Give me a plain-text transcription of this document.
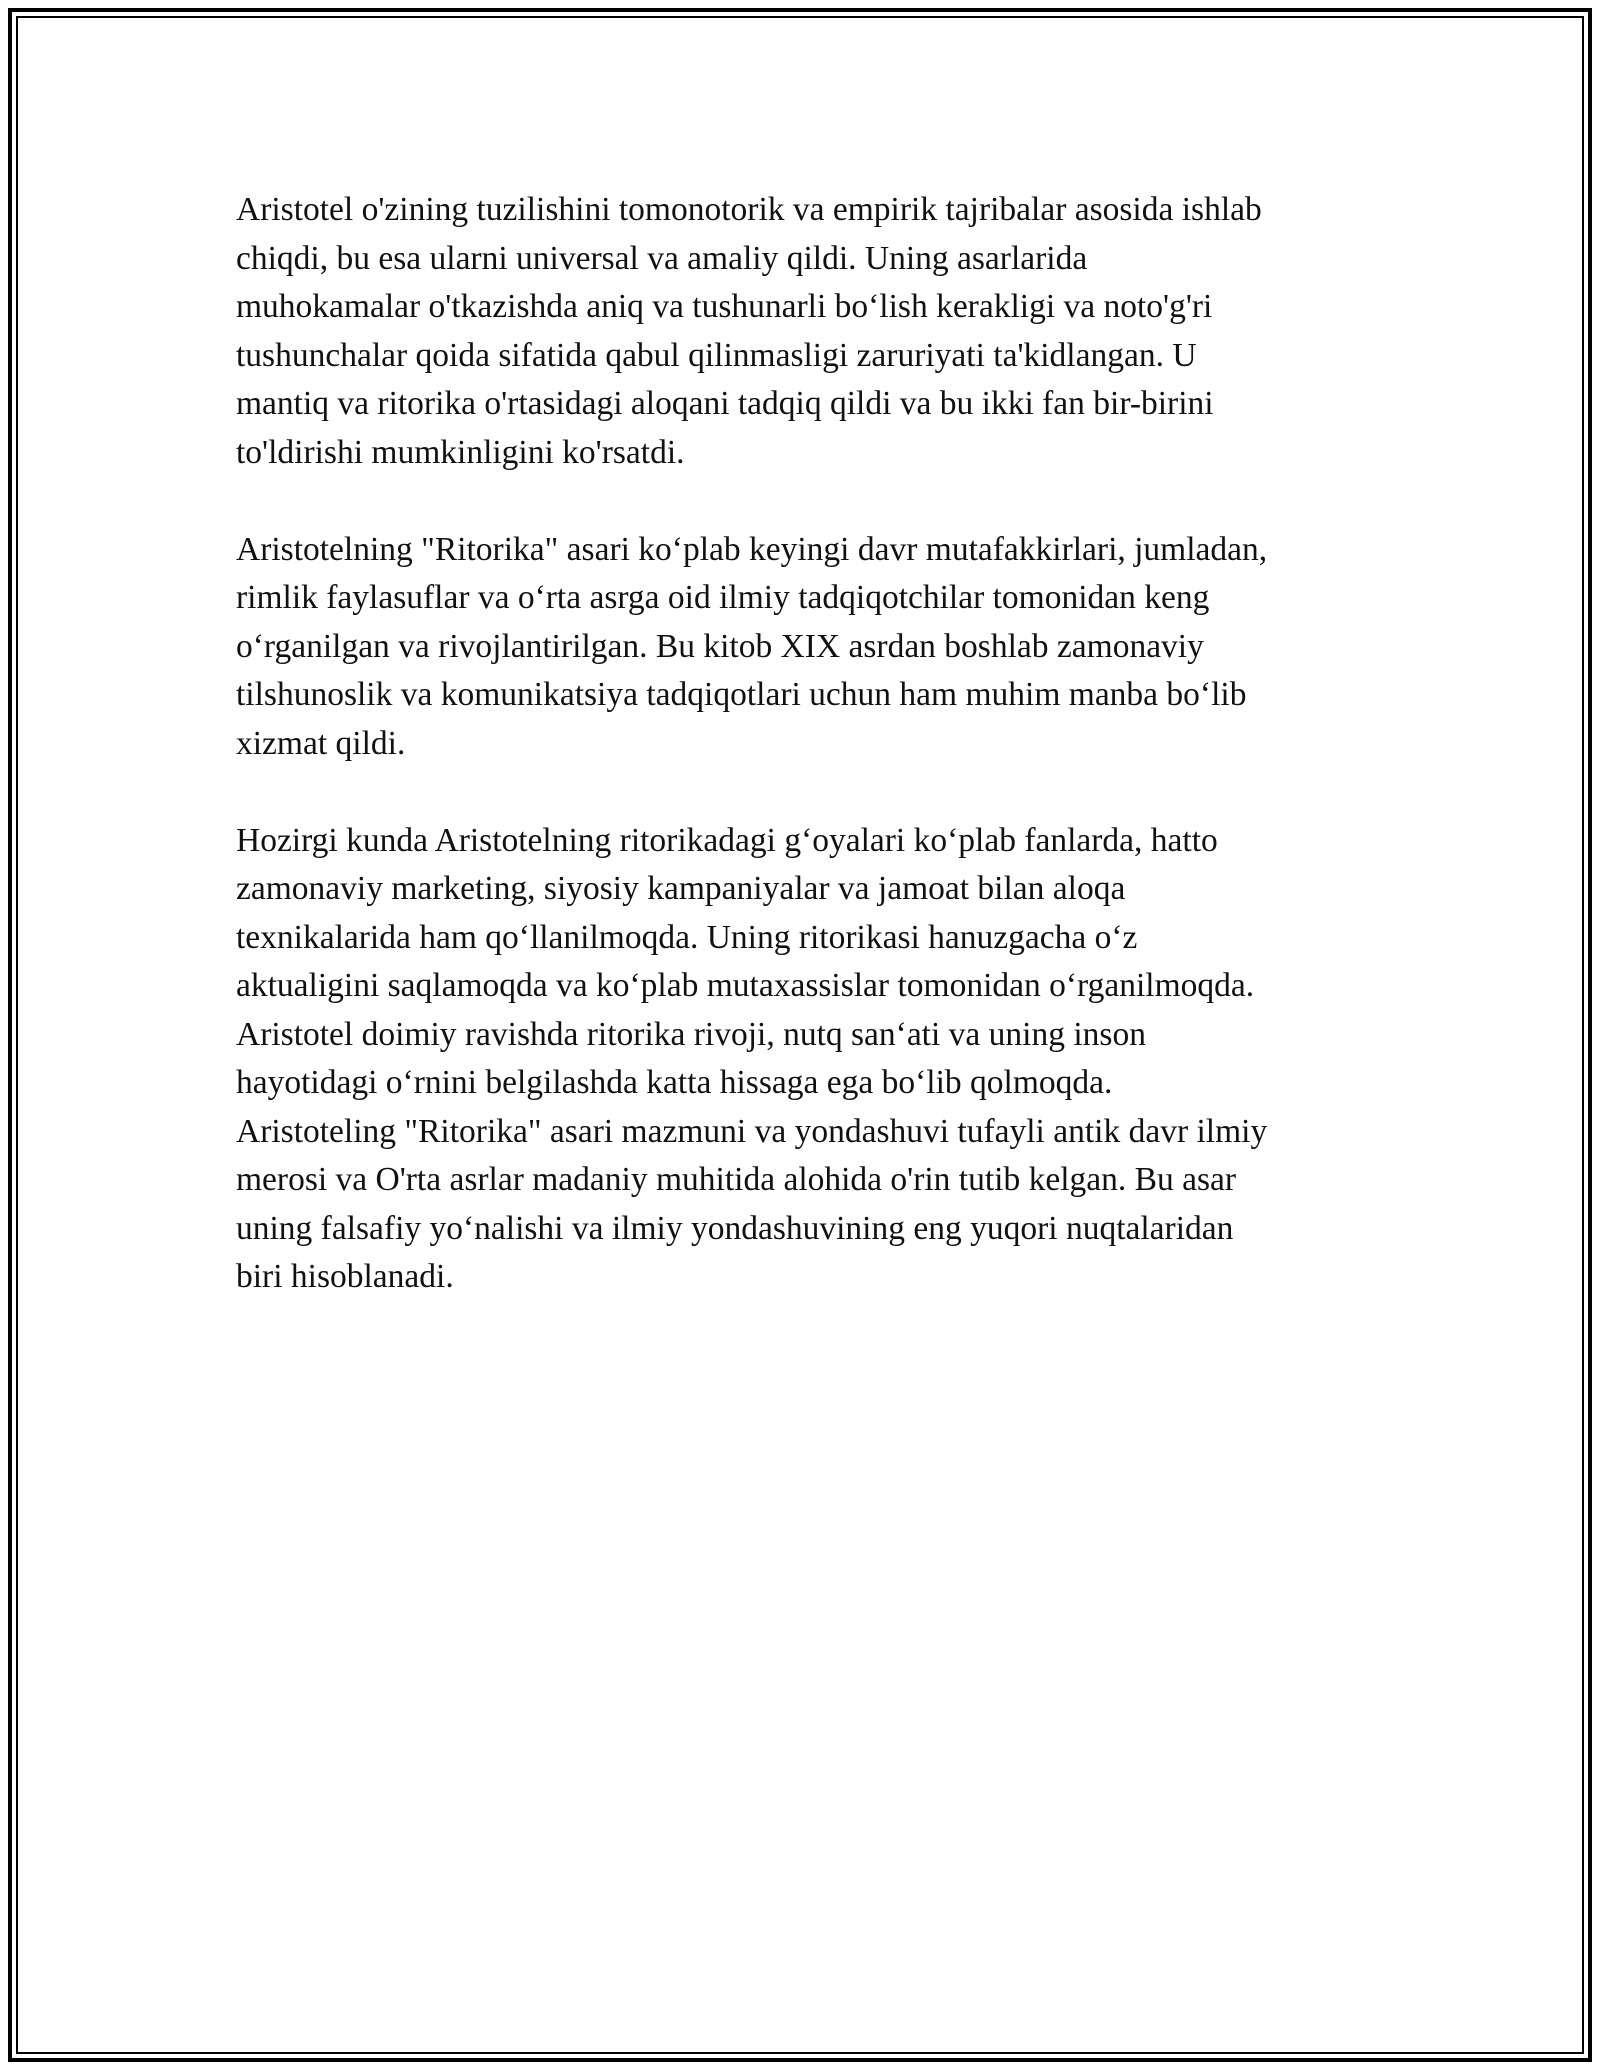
Aristotel o'zining tuzilishini tomonotorik va empirik tajribalar asosida ishlab
chiqdi, bu esa ularni universal va amaliy qildi. Uning asarlarida
muhokamalar o'tkazishda aniq va tushunarli bo‘lish kerakligi va noto'g'ri
tushunchalar qoida sifatida qabul qilinmasligi zaruriyati ta'kidlangan. U
mantiq va ritorika o'rtasidagi aloqani tadqiq qildi va bu ikki fan bir-birini
to'ldirishi mumkinligini ko'rsatdi.

Aristotelning "Ritorika" asari ko‘plab keyingi davr mutafakkirlari, jumladan,
rimlik faylasuflar va o‘rta asrga oid ilmiy tadqiqotchilar tomonidan keng
o‘rganilgan va rivojlantirilgan. Bu kitob XIX asrdan boshlab zamonaviy
tilshunoslik va komunikatsiya tadqiqotlari uchun ham muhim manba bo‘lib
xizmat qildi.

Hozirgi kunda Aristotelning ritorikadagi g‘oyalari ko‘plab fanlarda, hatto
zamonaviy marketing, siyosiy kampaniyalar va jamoat bilan aloqa
texnikalarida ham qo‘llanilmoqda. Uning ritorikasi hanuzgacha o‘z
aktualigini saqlamoqda va ko‘plab mutaxassislar tomonidan o‘rganilmoqda.
Aristotel doimiy ravishda ritorika rivoji, nutq san‘ati va uning inson
hayotidagi o‘rnini belgilashda katta hissaga ega bo‘lib qolmoqda.
Aristoteling "Ritorika" asari mazmuni va yondashuvi tufayli antik davr ilmiy
merosi va O'rta asrlar madaniy muhitida alohida o'rin tutib kelgan. Bu asar
uning falsafiy yo‘nalishi va ilmiy yondashuvining eng yuqori nuqtalaridan
biri hisoblanadi.
